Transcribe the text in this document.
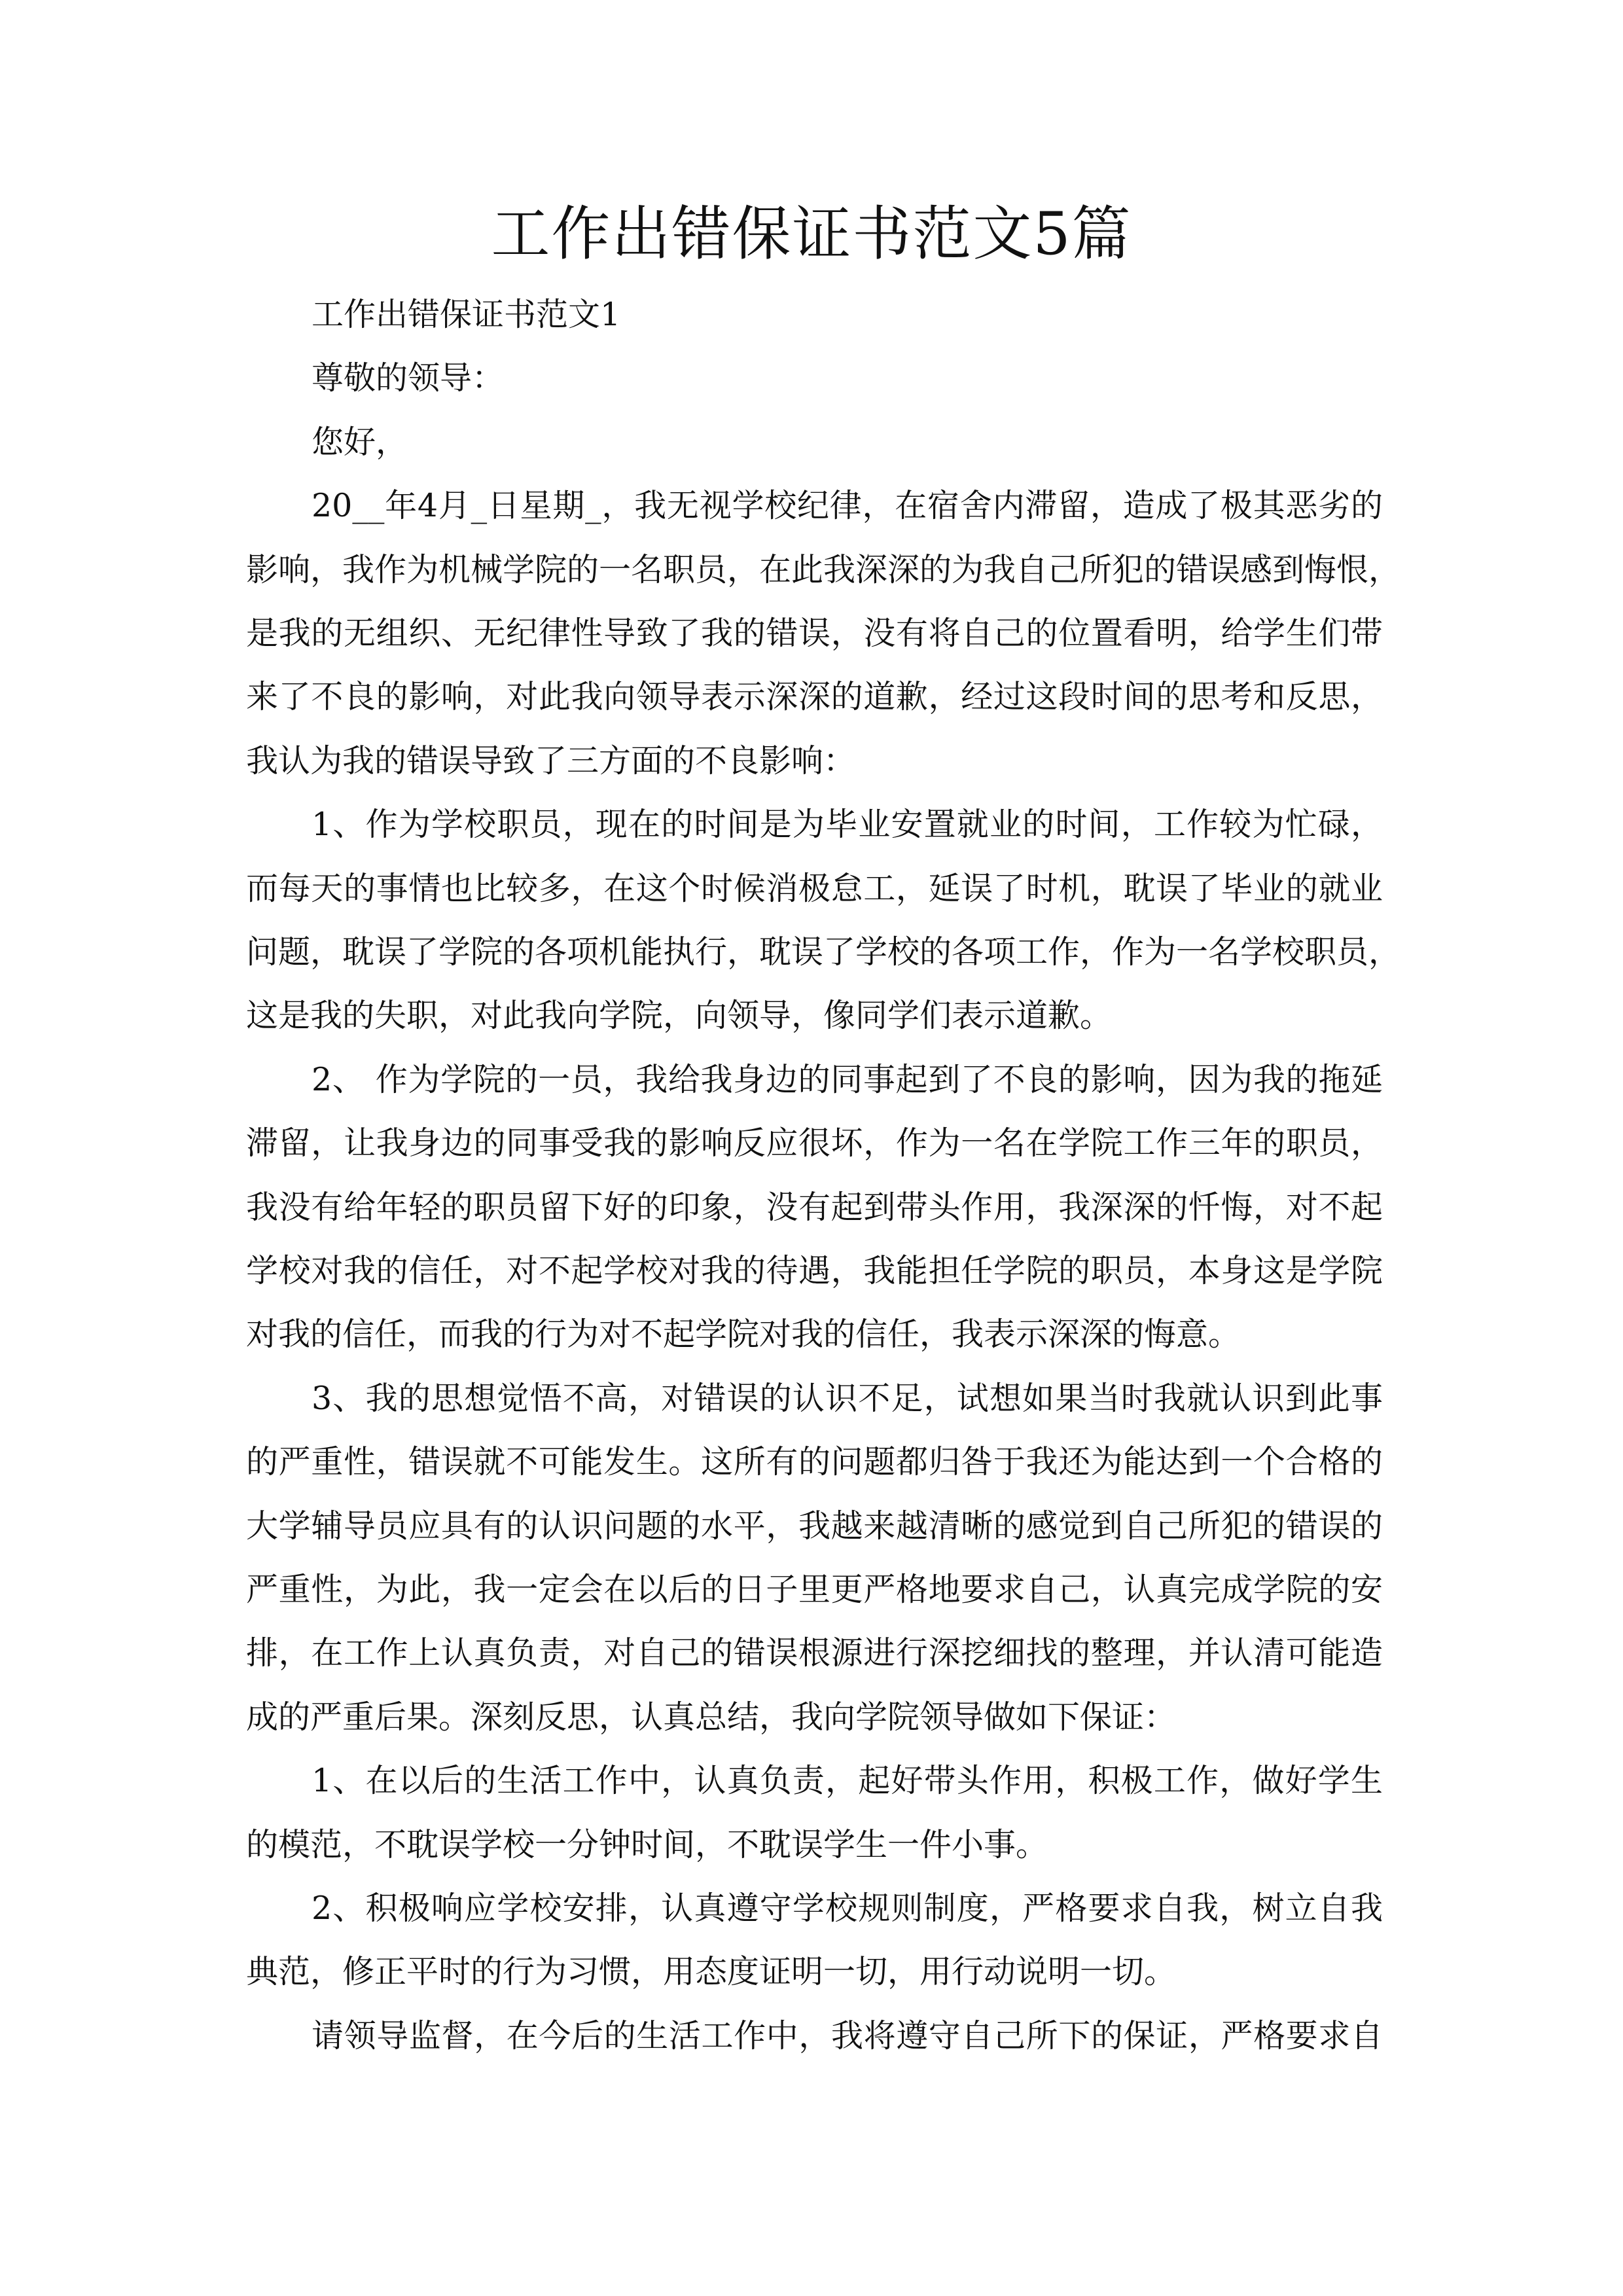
工作出错保证书范文5篇
工作出错保证书范文1
尊敬的领导：
您好，
20__年4月_日星期_，我无视学校纪律，在宿舍内滞留，造成了极其恶劣的
影响，我作为机械学院的一名职员，在此我深深的为我自己所犯的错误感到悔恨，
是我的无组织、无纪律性导致了我的错误，没有将自己的位置看明，给学生们带
来了不良的影响，对此我向领导表示深深的道歉，经过这段时间的思考和反思，
我认为我的错误导致了三方面的不良影响：
1、作为学校职员，现在的时间是为毕业安置就业的时间，工作较为忙碌，
而每天的事情也比较多，在这个时候消极怠工，延误了时机，耽误了毕业的就业
问题，耽误了学院的各项机能执行，耽误了学校的各项工作，作为一名学校职员，
这是我的失职，对此我向学院，向领导，像同学们表示道歉。
2、 作为学院的一员，我给我身边的同事起到了不良的影响，因为我的拖延
滞留，让我身边的同事受我的影响反应很坏，作为一名在学院工作三年的职员，
我没有给年轻的职员留下好的印象，没有起到带头作用，我深深的忏悔，对不起
学校对我的信任，对不起学校对我的待遇，我能担任学院的职员，本身这是学院
对我的信任，而我的行为对不起学院对我的信任，我表示深深的悔意。
3、我的思想觉悟不高，对错误的认识不足，试想如果当时我就认识到此事
的严重性，错误就不可能发生。这所有的问题都归咎于我还为能达到一个合格的
大学辅导员应具有的认识问题的水平，我越来越清晰的感觉到自己所犯的错误的
严重性，为此，我一定会在以后的日子里更严格地要求自己，认真完成学院的安
排，在工作上认真负责，对自己的错误根源进行深挖细找的整理，并认清可能造
成的严重后果。深刻反思，认真总结，我向学院领导做如下保证：
1、在以后的生活工作中，认真负责，起好带头作用，积极工作，做好学生
的模范，不耽误学校一分钟时间，不耽误学生一件小事。
2、积极响应学校安排，认真遵守学校规则制度，严格要求自我，树立自我
典范，修正平时的行为习惯，用态度证明一切，用行动说明一切。
请领导监督，在今后的生活工作中，我将遵守自己所下的保证，严格要求自
